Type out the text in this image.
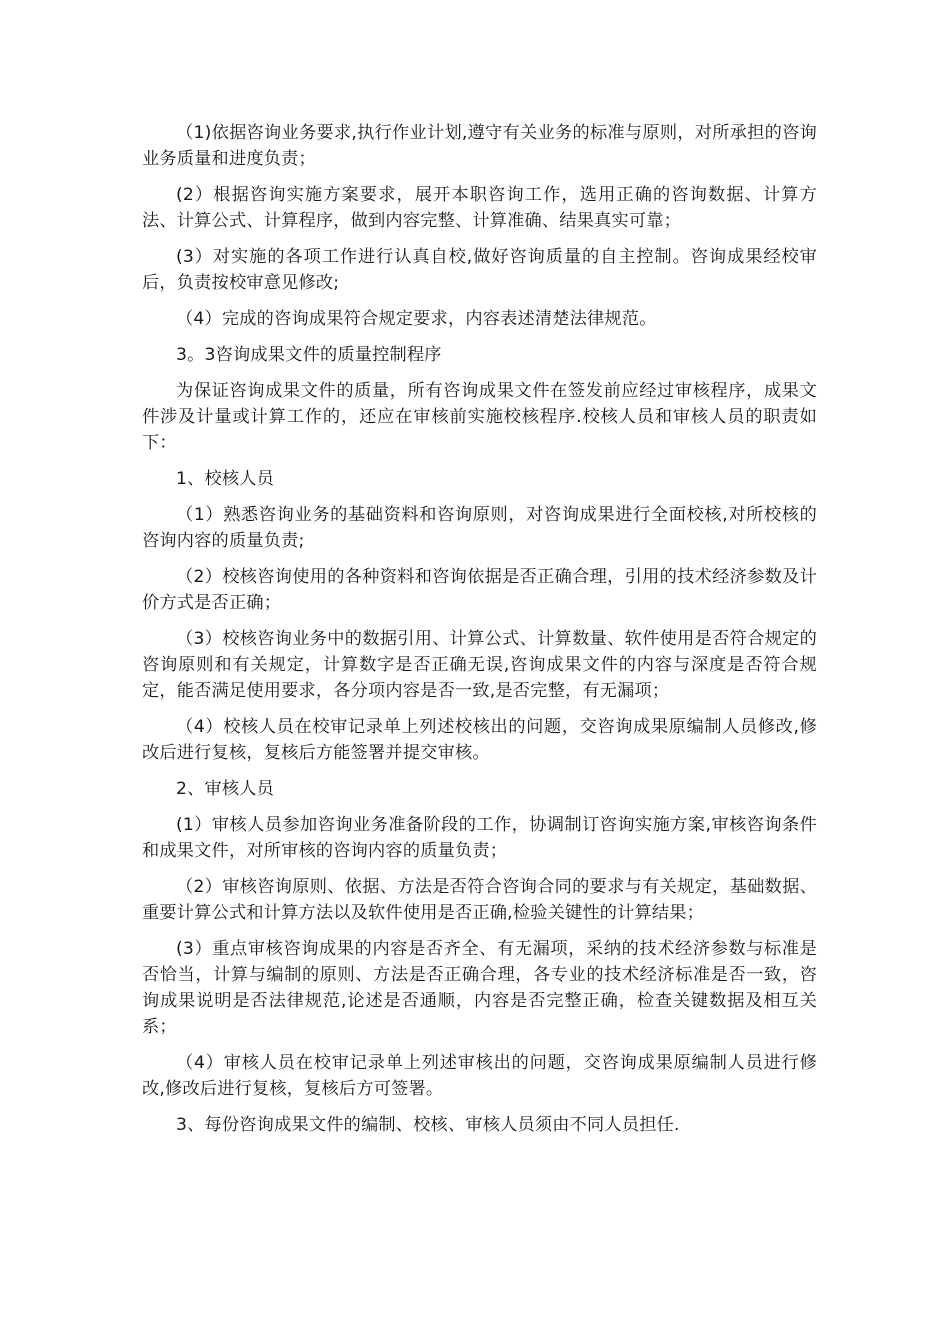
（1)依据咨询业务要求,执行作业计划,遵守有关业务的标准与原则，对所承担的咨询业务质量和进度负责；

(2）根据咨询实施方案要求，展开本职咨询工作，选用正确的咨询数据、计算方法、计算公式、计算程序，做到内容完整、计算准确、结果真实可靠；

(3）对实施的各项工作进行认真自校,做好咨询质量的自主控制。咨询成果经校审后，负责按校审意见修改;

（4）完成的咨询成果符合规定要求，内容表述清楚法律规范。

3。3咨询成果文件的质量控制程序

为保证咨询成果文件的质量，所有咨询成果文件在签发前应经过审核程序，成果文件涉及计量或计算工作的，还应在审核前实施校核程序.校核人员和审核人员的职责如下：

1、校核人员

（1）熟悉咨询业务的基础资料和咨询原则，对咨询成果进行全面校核,对所校核的咨询内容的质量负责;

（2）校核咨询使用的各种资料和咨询依据是否正确合理，引用的技术经济参数及计价方式是否正确；

（3）校核咨询业务中的数据引用、计算公式、计算数量、软件使用是否符合规定的咨询原则和有关规定，计算数字是否正确无误,咨询成果文件的内容与深度是否符合规定，能否满足使用要求，各分项内容是否一致,是否完整，有无漏项；

（4）校核人员在校审记录单上列述校核出的问题，交咨询成果原编制人员修改,修改后进行复核，复核后方能签署并提交审核。

2、审核人员

(1）审核人员参加咨询业务准备阶段的工作，协调制订咨询实施方案,审核咨询条件和成果文件，对所审核的咨询内容的质量负责；

（2）审核咨询原则、依据、方法是否符合咨询合同的要求与有关规定，基础数据、重要计算公式和计算方法以及软件使用是否正确,检验关键性的计算结果；

(3）重点审核咨询成果的内容是否齐全、有无漏项，采纳的技术经济参数与标准是否恰当，计算与编制的原则、方法是否正确合理，各专业的技术经济标准是否一致，咨询成果说明是否法律规范,论述是否通顺，内容是否完整正确，检查关键数据及相互关系；

（4）审核人员在校审记录单上列述审核出的问题，交咨询成果原编制人员进行修改,修改后进行复核，复核后方可签署。

3、每份咨询成果文件的编制、校核、审核人员须由不同人员担任.
